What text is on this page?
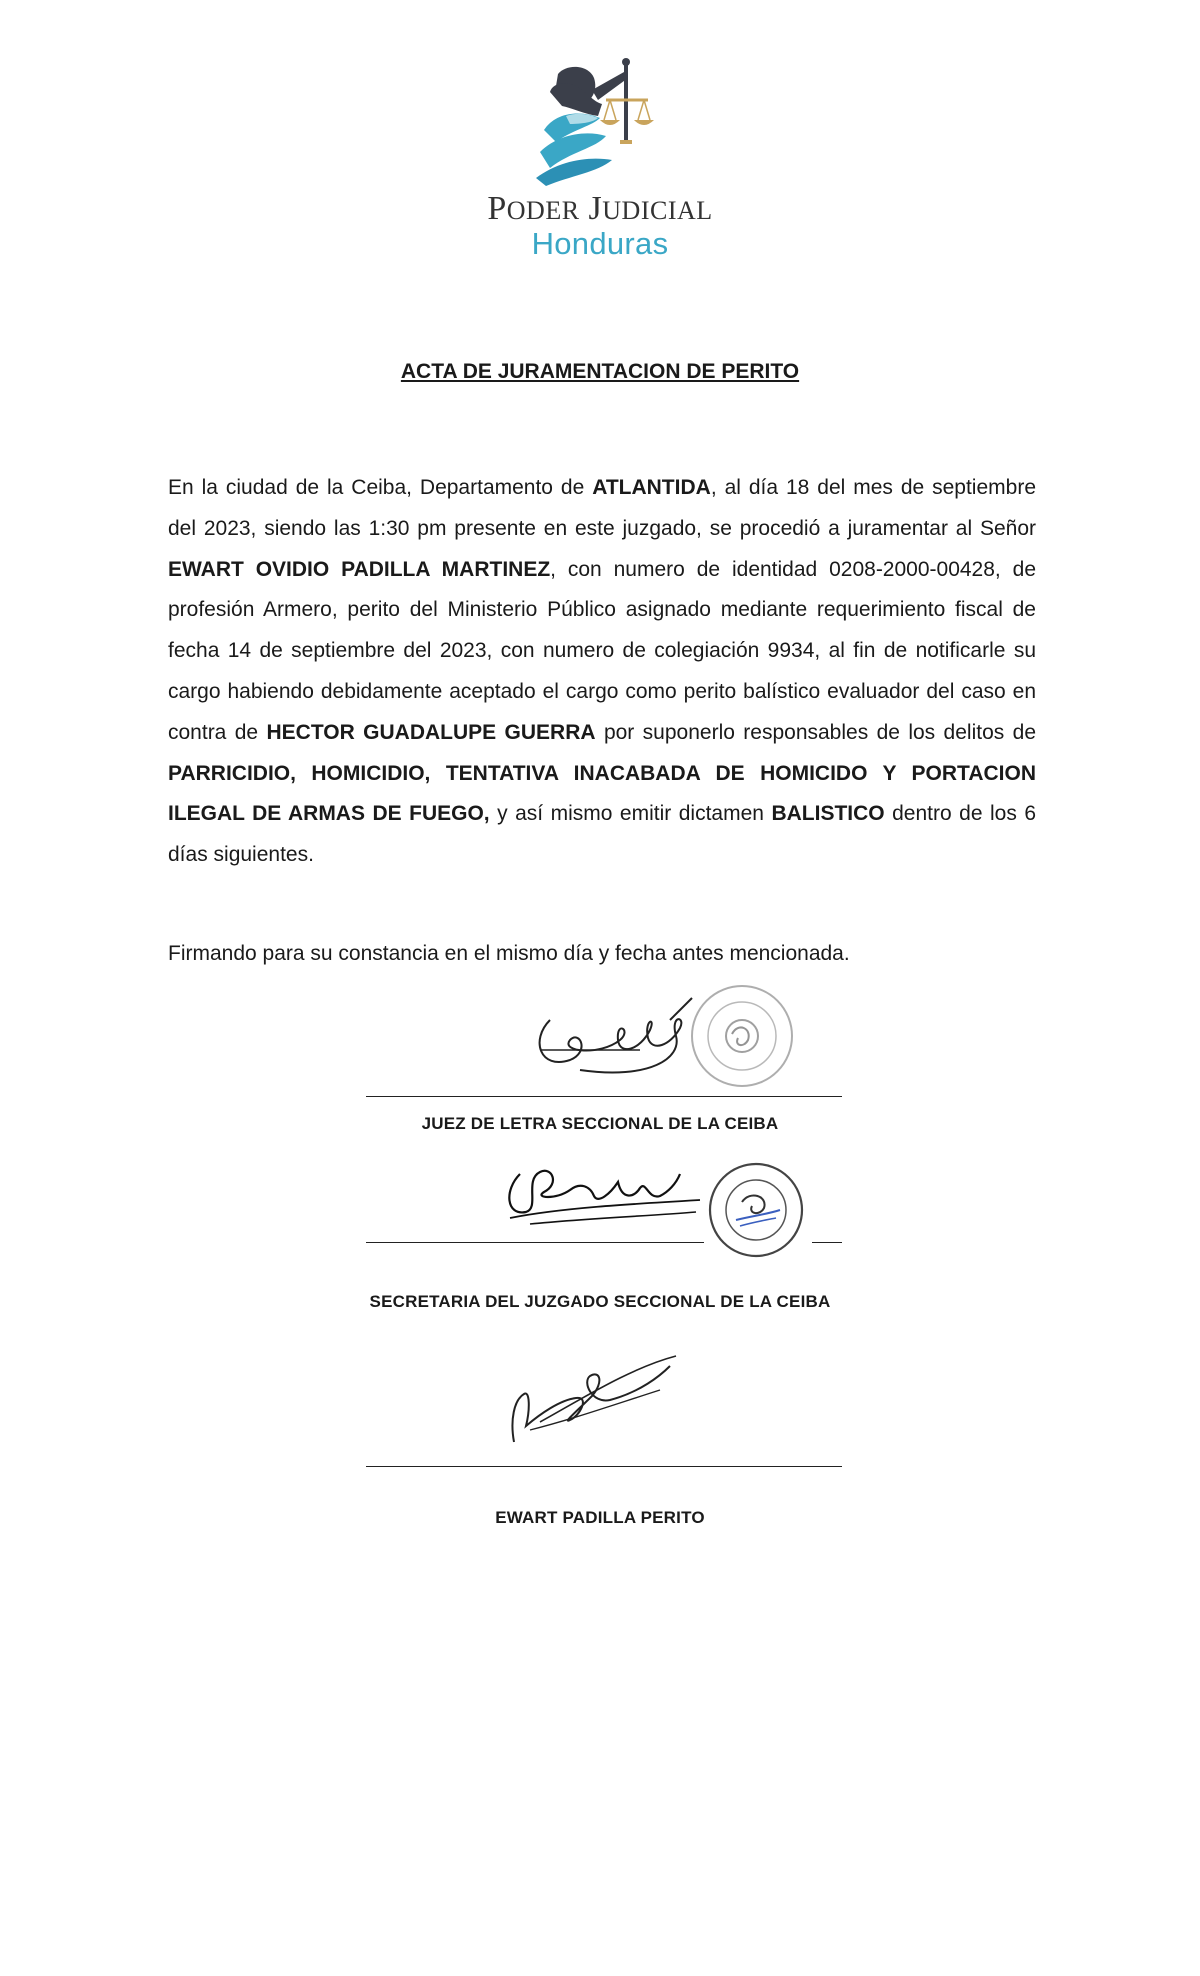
PODER JUDICIAL
Honduras
ACTA DE JURAMENTACION DE PERITO
En la ciudad de la Ceiba, Departamento de ATLANTIDA, al día 18 del mes de septiembre del 2023, siendo las 1:30 pm presente en este juzgado, se procedió a juramentar al Señor EWART OVIDIO PADILLA MARTINEZ, con numero de identidad 0208-2000-00428, de profesión Armero, perito del Ministerio Público asignado mediante requerimiento fiscal de fecha 14 de septiembre del 2023, con numero de colegiación 9934, al fin de notificarle su cargo habiendo debidamente aceptado el cargo como perito balístico evaluador del caso en contra de HECTOR GUADALUPE GUERRA por suponerlo responsables de los delitos de PARRICIDIO, HOMICIDIO, TENTATIVA INACABADA DE HOMICIDO Y PORTACION ILEGAL DE ARMAS DE FUEGO, y así mismo emitir dictamen BALISTICO dentro de los 6 días siguientes.
Firmando para su constancia en el mismo día y fecha antes mencionada.
JUEZ DE LETRA SECCIONAL DE LA CEIBA
SECRETARIA DEL JUZGADO SECCIONAL DE LA CEIBA
EWART PADILLA PERITO
